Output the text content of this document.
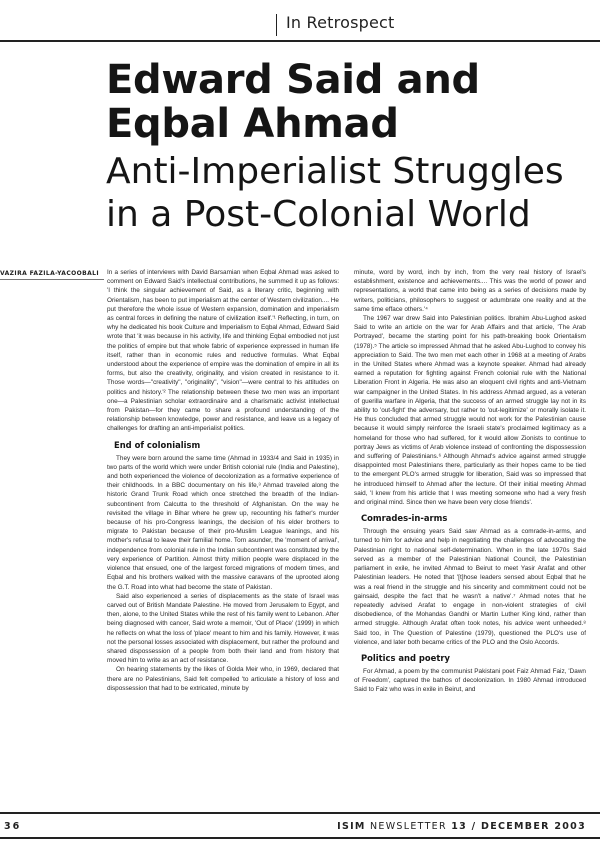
In Retrospect
Edward Said and
Eqbal Ahmad
Anti-Imperialist Struggles
in a Post-Colonial World
VAZIRA FAZILA-YACOOBALI	In a series of interviews with David Barsamian when Eqbal Ahmad was asked to comment on Edward Said's intellectual contributions, he summed it up as follows: 'I think the singular achievement of Said, as a literary critic, beginning with Orientalism, has been to put imperialism at the center of Western civilization.... He put therefore the whole issue of Western expansion, domination and imperialism as central forces in defining the nature of civilization itself.'¹ Reflecting, in turn, on why he dedicated his book Culture and Imperialism to Eqbal Ahmad, Edward Said wrote that 'it was because in his activity, life and thinking Eqbal embodied not just the politics of empire but that whole fabric of experience expressed in human life itself, rather than in economic rules and reductive formulas. What Eqbal understood about the experience of empire was the domination of empire in all its forms, but also the creativity, originality, and vision created in resistance to it. Those words—"creativity", "originality", "vision"—were central to his attitudes on politics and history.'² The relationship between these two men was an important one—a Palestinian scholar extraordinaire and a charismatic activist intellectual from Pakistan—for they came to share a profound understanding of the relationship between knowledge, power and resistance, and leave us a legacy of challenges for drafting an anti-imperialist politics.

End of colonialism

They were born around the same time (Ahmad in 1933/4 and Said in 1935) in two parts of the world which were under British colonial rule (India and Palestine), and both experienced the violence of decolonization as a formative experience of their childhoods. In a BBC documentary on his life,³ Ahmad traveled along the historic Grand Trunk Road which once stretched the breadth of the Indian-subcontinent from Calcutta to the threshold of Afghanistan. On the way he revisited the village in Bihar where he grew up, recounting his father's murder because of his pro-Congress leanings, the decision of his elder brothers to migrate to Pakistan because of their pro-Muslim League leanings, and his mother's refusal to leave their familial home. Torn asunder, the 'moment of arrival', independence from colonial rule in the Indian subcontinent was constituted by the very experience of Partition. Almost thirty million people were displaced in the violence that ensued, one of the largest forced migrations of modern times, and Eqbal and his brothers walked with the massive caravans of the uprooted along the G.T. Road into what had become the state of Pakistan.

Said also experienced a series of displacements as the state of Israel was carved out of British Mandate Palestine. He moved from Jerusalem to Egypt, and then, alone, to the United States while the rest of his family went to Lebanon. After being diagnosed with cancer, Said wrote a memoir, 'Out of Place' (1999) in which he reflects on what the loss of 'place' meant to him and his family. However, it was not the personal losses associated with displacement, but rather the profound and shared dispossession of a people from both their land and from history that moved him to write as an act of resistance.

On hearing statements by the likes of Golda Meir who, in 1969, declared that there are no Palestinians, Said felt compelled 'to articulate a history of loss and dispossession that had to be extricated, minute by

minute, word by word, inch by inch, from the very real history of Israel's establishment, existence and achievements.... This was the world of power and representations, a world that came into being as a series of decisions made by writers, politicians, philosophers to suggest or adumbrate one reality and at the same time efface others.'⁴

The 1967 war drew Said into Palestinian politics. Ibrahim Abu-Lughod asked Said to write an article on the war for Arab Affairs and that article, 'The Arab Portrayed', became the starting point for his path-breaking book Orientalism (1978).⁵ The article so impressed Ahmad that he asked Abu-Lughod to convey his appreciation to Said. The two men met each other in 1968 at a meeting of Arabs in the United States where Ahmad was a keynote speaker. Ahmad had already earned a reputation for fighting against French colonial rule with the National Liberation Front in Algeria. He was also an eloquent civil rights and anti-Vietnam war campaigner in the United States. In his address Ahmad argued, as a veteran of guerilla warfare in Algeria, that the success of an armed struggle lay not in its ability to 'out-fight' the adversary, but rather to 'out-legitimize' or morally isolate it. He thus concluded that armed struggle would not work for the Palestinian cause because it would simply reinforce the Israeli state's proclaimed legitimacy as a homeland for those who had suffered, for it would allow Zionists to continue to portray Jews as victims of Arab violence instead of confronting the dispossession and suffering of Palestinians.⁶ Although Ahmad's advice against armed struggle disappointed most Palestinians there, particularly as their hopes came to be tied to the emergent PLO's armed struggle for liberation, Said was so impressed that he introduced himself to Ahmad after the lecture. Of their initial meeting Ahmad said, 'I knew from his article that I was meeting someone who had a very fresh and original mind. Since then we have been very close friends'.

Comrades-in-arms

Through the ensuing years Said saw Ahmad as a comrade-in-arms, and turned to him for advice and help in negotiating the challenges of advocating the Palestinian right to national self-determination. When in the late 1970s Said served as a member of the Palestinian National Council, the Palestinian parliament in exile, he invited Ahmad to Beirut to meet Yasir Arafat and other Palestinian leaders. He noted that '[t]hose leaders sensed about Eqbal that he was a real friend in the struggle and his sincerity and commitment could not be gainsaid, despite the fact that he wasn't a native'.⁷ Ahmad notes that he repeatedly advised Arafat to engage in non-violent strategies of civil disobedience, of the Mohandas Gandhi or Martin Luther King kind, rather than armed struggle. Although Arafat often took notes, his advice went unheeded.⁸ Said too, in The Question of Palestine (1979), questioned the PLO's use of violence, and later both became critics of the PLO and the Oslo Accords.

Politics and poetry

For Ahmad, a poem by the communist Pakistani poet Faiz Ahmad Faiz, 'Dawn of Freedom', captured the bathos of decolonization. In 1980 Ahmad introduced Said to Faiz who was in exile in Beirut, and

36	ISIM NEWSLETTER 13 / DECEMBER 2003
